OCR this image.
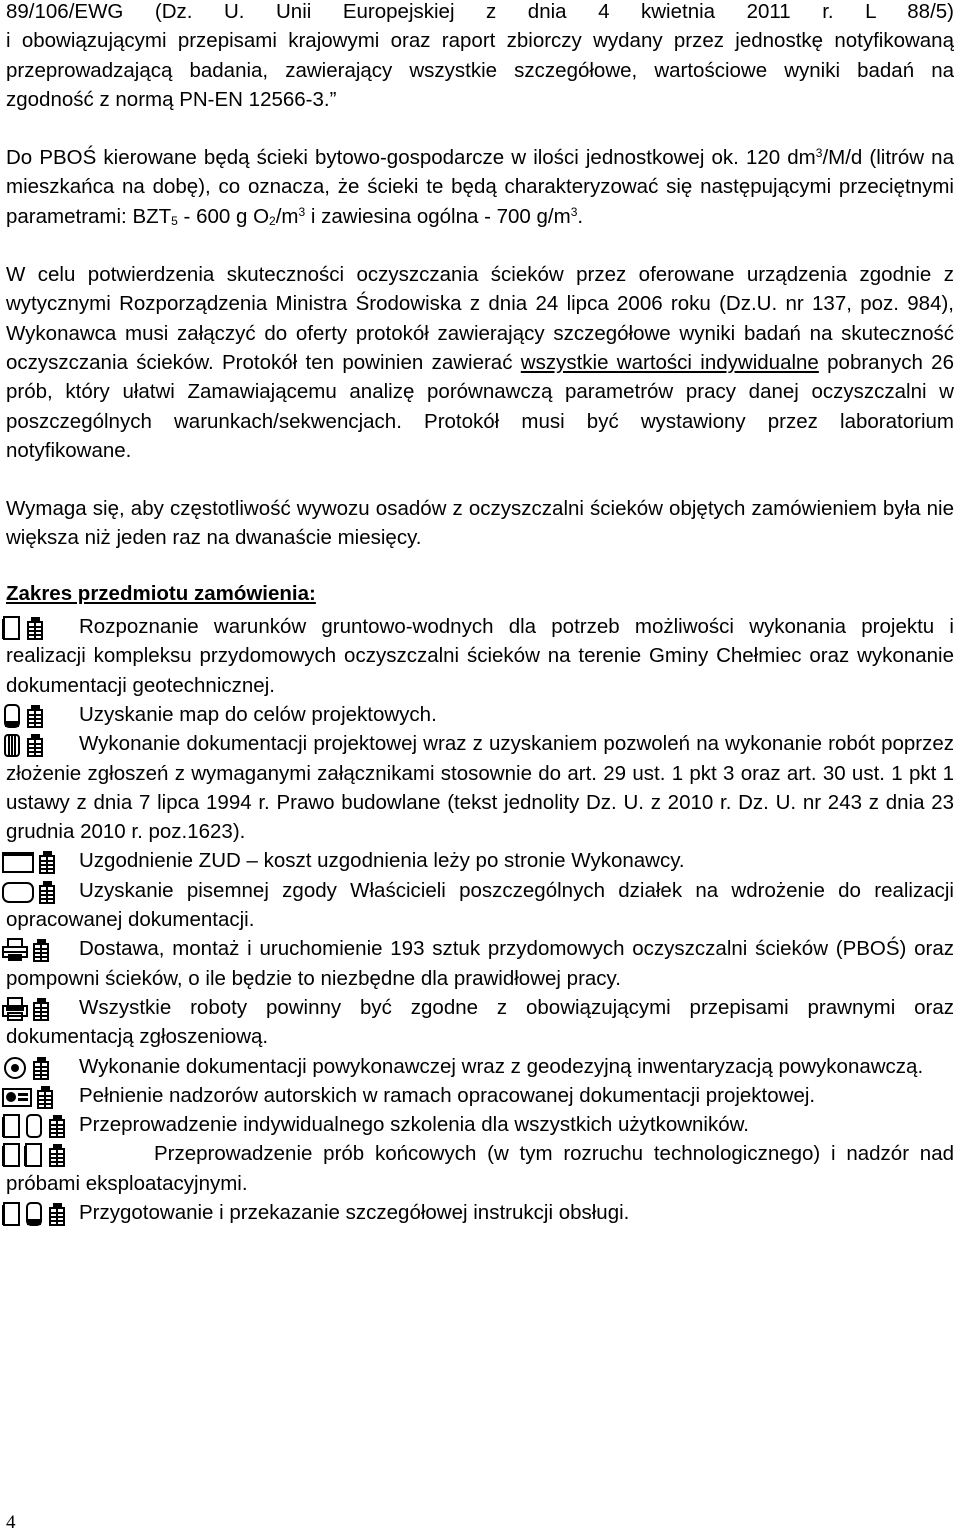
89/106/EWG (Dz. U. Unii Europejskiej z dnia 4 kwietnia 2011 r. L 88/5)
i obowiązującymi przepisami krajowymi oraz raport zbiorczy wydany przez jednostkę notyfikowaną przeprowadzającą badania, zawierający wszystkie szczegółowe, wartościowe wyniki badań na zgodność z normą PN-EN 12566-3.”

Do PBOŚ kierowane będą ścieki bytowo-gospodarcze w ilości jednostkowej ok. 120 $dm^3/M/d$ (litrów na mieszkańca na dobę), co oznacza, że ścieki te będą charakteryzować się następującymi przeciętnymi parametrami: $BZT_5 - 600$ g $O_2/m^3$ i zawiesina ogólna - 700 $g/m^3$.

W celu potwierdzenia skuteczności oczyszczania ścieków przez oferowane urządzenia zgodnie z wytycznymi Rozporządzenia Ministra Środowiska z dnia 24 lipca 2006 roku (Dz.U. nr 137, poz. 984), Wykonawca musi załączyć do oferty protokół zawierający szczegółowe wyniki badań na skuteczność oczyszczania ścieków. Protokół ten powinien zawierać wszystkie wartości indywidualne pobranych 26 prób, który ułatwi Zamawiającemu analizę porównawczą parametrów pracy danej oczyszczalni w poszczególnych warunkach/sekwencjach. Protokół musi być wystawiony przez laboratorium notyfikowane.

Wymaga się, aby częstotliwość wywozu osadów z oczyszczalni ścieków objętych zamówieniem była nie większa niż jeden raz na dwanaście miesięcy.

Zakres przedmiotu zamówienia:
Rozpoznanie warunków gruntowo-wodnych dla potrzeb możliwości wykonania projektu i realizacji kompleksu przydomowych oczyszczalni ścieków na terenie Gminy Chełmiec oraz wykonanie dokumentacji geotechnicznej.
Uzyskanie map do celów projektowych.
Wykonanie dokumentacji projektowej wraz z uzyskaniem pozwoleń na wykonanie robót poprzez złożenie zgłoszeń z wymaganymi załącznikami stosownie do art. 29 ust. 1 pkt 3 oraz art. 30 ust. 1 pkt 1 ustawy z dnia 7 lipca 1994 r. Prawo budowlane (tekst jednolity Dz. U. z 2010 r. Dz. U. nr 243 z dnia 23 grudnia 2010 r. poz.1623).
Uzgodnienie ZUD – koszt uzgodnienia leży po stronie Wykonawcy.
Uzyskanie pisemnej zgody Właścicieli poszczególnych działek na wdrożenie do realizacji opracowanej dokumentacji.
Dostawa, montaż i uruchomienie 193 sztuk przydomowych oczyszczalni ścieków (PBOŚ) oraz pompowni ścieków, o ile będzie to niezbędne dla prawidłowej pracy.
Wszystkie roboty powinny być zgodne z obowiązującymi przepisami prawnymi oraz dokumentacją zgłoszeniową.
Wykonanie dokumentacji powykonawczej wraz z geodezyjną inwentaryzacją powykonawczą.
Pełnienie nadzorów autorskich w ramach opracowanej dokumentacji projektowej.
Przeprowadzenie indywidualnego szkolenia dla wszystkich użytkowników.
Przeprowadzenie prób końcowych (w tym rozruchu technologicznego) i nadzór nad próbami eksploatacyjnymi.
Przygotowanie i przekazanie szczegółowej instrukcji obsługi.
4
